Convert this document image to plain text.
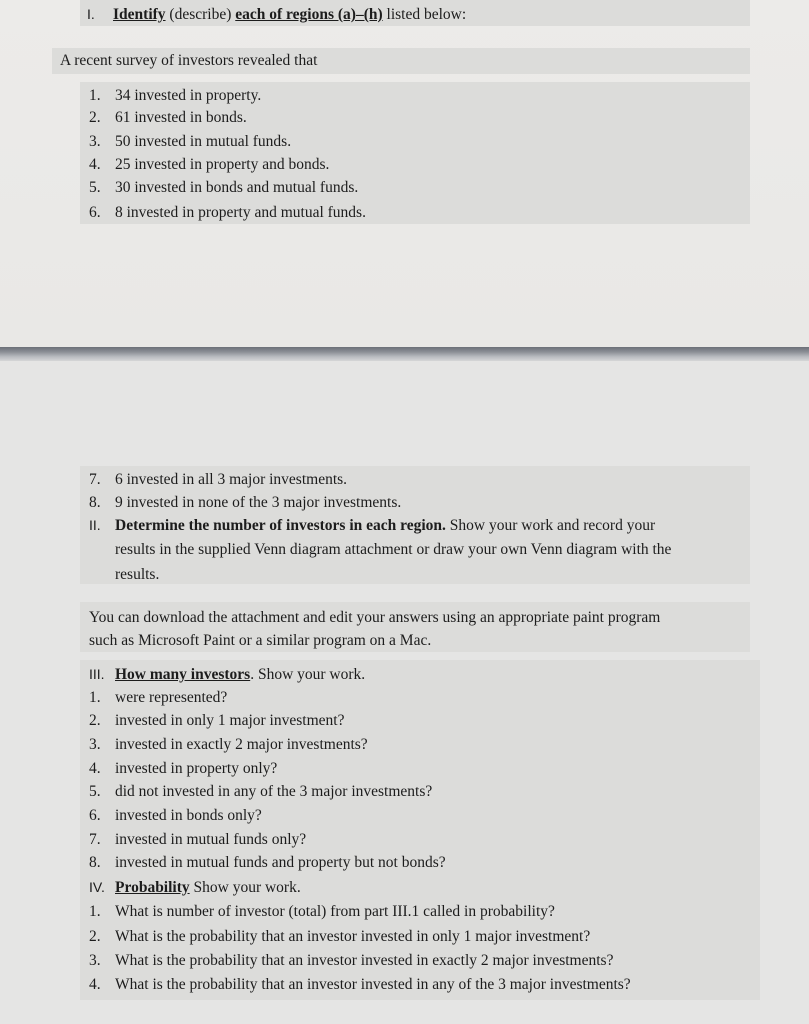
I. Identify (describe) each of regions (a)–(h) listed below:
A recent survey of investors revealed that
1. 34 invested in property.
2. 61 invested in bonds.
3. 50 invested in mutual funds.
4. 25 invested in property and bonds.
5. 30 invested in bonds and mutual funds.
6. 8 invested in property and mutual funds.
7. 6 invested in all 3 major investments.
8. 9 invested in none of the 3 major investments.
II. Determine the number of investors in each region. Show your work and record your
results in the supplied Venn diagram attachment or draw your own Venn diagram with the
results.
You can download the attachment and edit your answers using an appropriate paint program
such as Microsoft Paint or a similar program on a Mac.
III. How many investors. Show your work.
1. were represented?
2. invested in only 1 major investment?
3. invested in exactly 2 major investments?
4. invested in property only?
5. did not invested in any of the 3 major investments?
6. invested in bonds only?
7. invested in mutual funds only?
8. invested in mutual funds and property but not bonds?
IV. Probability Show your work.
1. What is number of investor (total) from part III.1 called in probability?
2. What is the probability that an investor invested in only 1 major investment?
3. What is the probability that an investor invested in exactly 2 major investments?
4. What is the probability that an investor invested in any of the 3 major investments?
